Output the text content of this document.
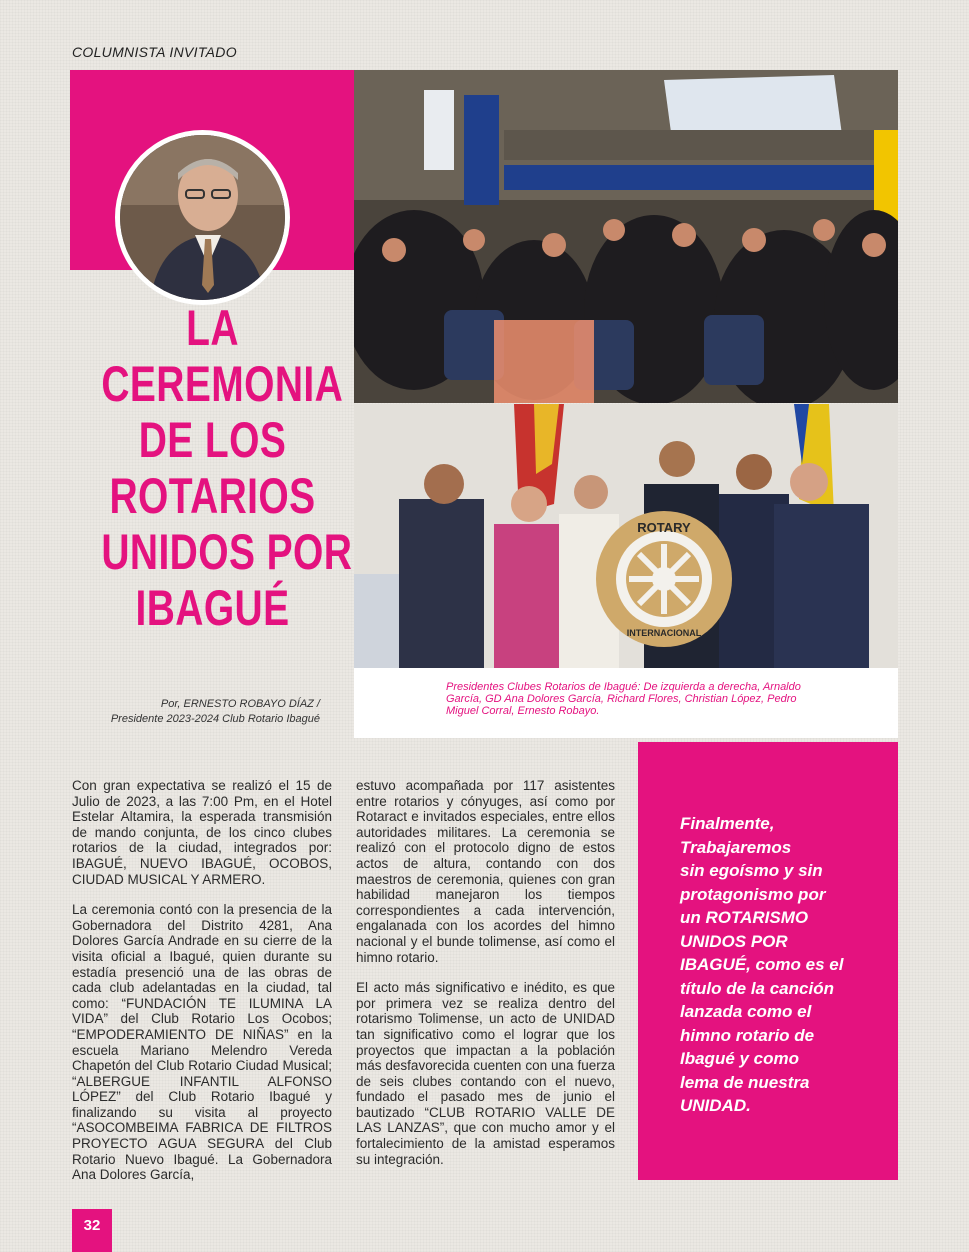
COLUMNISTA INVITADO
LA
CEREMONIA
DE LOS
ROTARIOS
UNIDOS POR
IBAGUÉ
Por, ERNESTO ROBAYO DÍAZ /
Presidente 2023-2024 Club Rotario Ibagué
ROTARY
INTERNACIONAL
Presidentes Clubes Rotarios de Ibagué: De izquierda a derecha, Arnaldo García, GD Ana Dolores García, Richard Flores, Christian López, Pedro Miguel Corral, Ernesto Robayo.

Con gran expectativa se realizó el 15 de Julio de 2023, a las 7:00 Pm, en el Hotel Estelar Altamira, la esperada transmisión de mando conjunta, de los cinco clubes rotarios de la ciudad, integrados por: IBAGUÉ, NUEVO IBAGUÉ, OCOBOS, CIUDAD MUSICAL Y ARMERO.

La ceremonia contó con la presencia de la Gobernadora del Distrito 4281, Ana Dolores García Andrade en su cierre de la visita oficial a Ibagué, quien durante su estadía presenció una de las obras de cada club adelantadas en la ciudad, tal como: “FUNDACIÓN TE ILUMINA LA VIDA” del Club Rotario Los Ocobos; “EMPODERAMIENTO DE NIÑAS” en la escuela Mariano Melendro Vereda Chapetón del Club Rotario Ciudad Musical; “ALBERGUE INFANTIL ALFONSO LÓPEZ” del Club Rotario Ibagué y finalizando su visita al proyecto “ASOCOMBEIMA FABRICA DE FILTROS PROYECTO AGUA SEGURA del Club Rotario Nuevo Ibagué. La Gobernadora Ana Dolores García,

estuvo acompañada por 117 asistentes entre rotarios y cónyuges, así como por Rotaract e invitados especiales, entre ellos autoridades militares. La ceremonia se realizó con el protocolo digno de estos actos de altura, contando con dos maestros de ceremonia, quienes con gran habilidad manejaron los tiempos correspondientes a cada intervención, engalanada con los acordes del himno nacional y el bunde tolimense, así como el himno rotario.

El acto más significativo e inédito, es que por primera vez se realiza dentro del rotarismo Tolimense, un acto de UNIDAD tan significativo como el lograr que los proyectos que impactan a la población más desfavorecida cuenten con una fuerza de seis clubes contando con el nuevo, fundado el pasado mes de junio el bautizado “CLUB ROTARIO VALLE DE LAS LANZAS”, que con mucho amor y el fortalecimiento de la amistad esperamos su integración.

Finalmente,
Trabajaremos
sin egoísmo y sin
protagonismo por
un ROTARISMO
UNIDOS POR
IBAGUÉ, como es el
título de la canción
lanzada como el
himno rotario de
Ibagué y como
lema de nuestra
UNIDAD.
32
